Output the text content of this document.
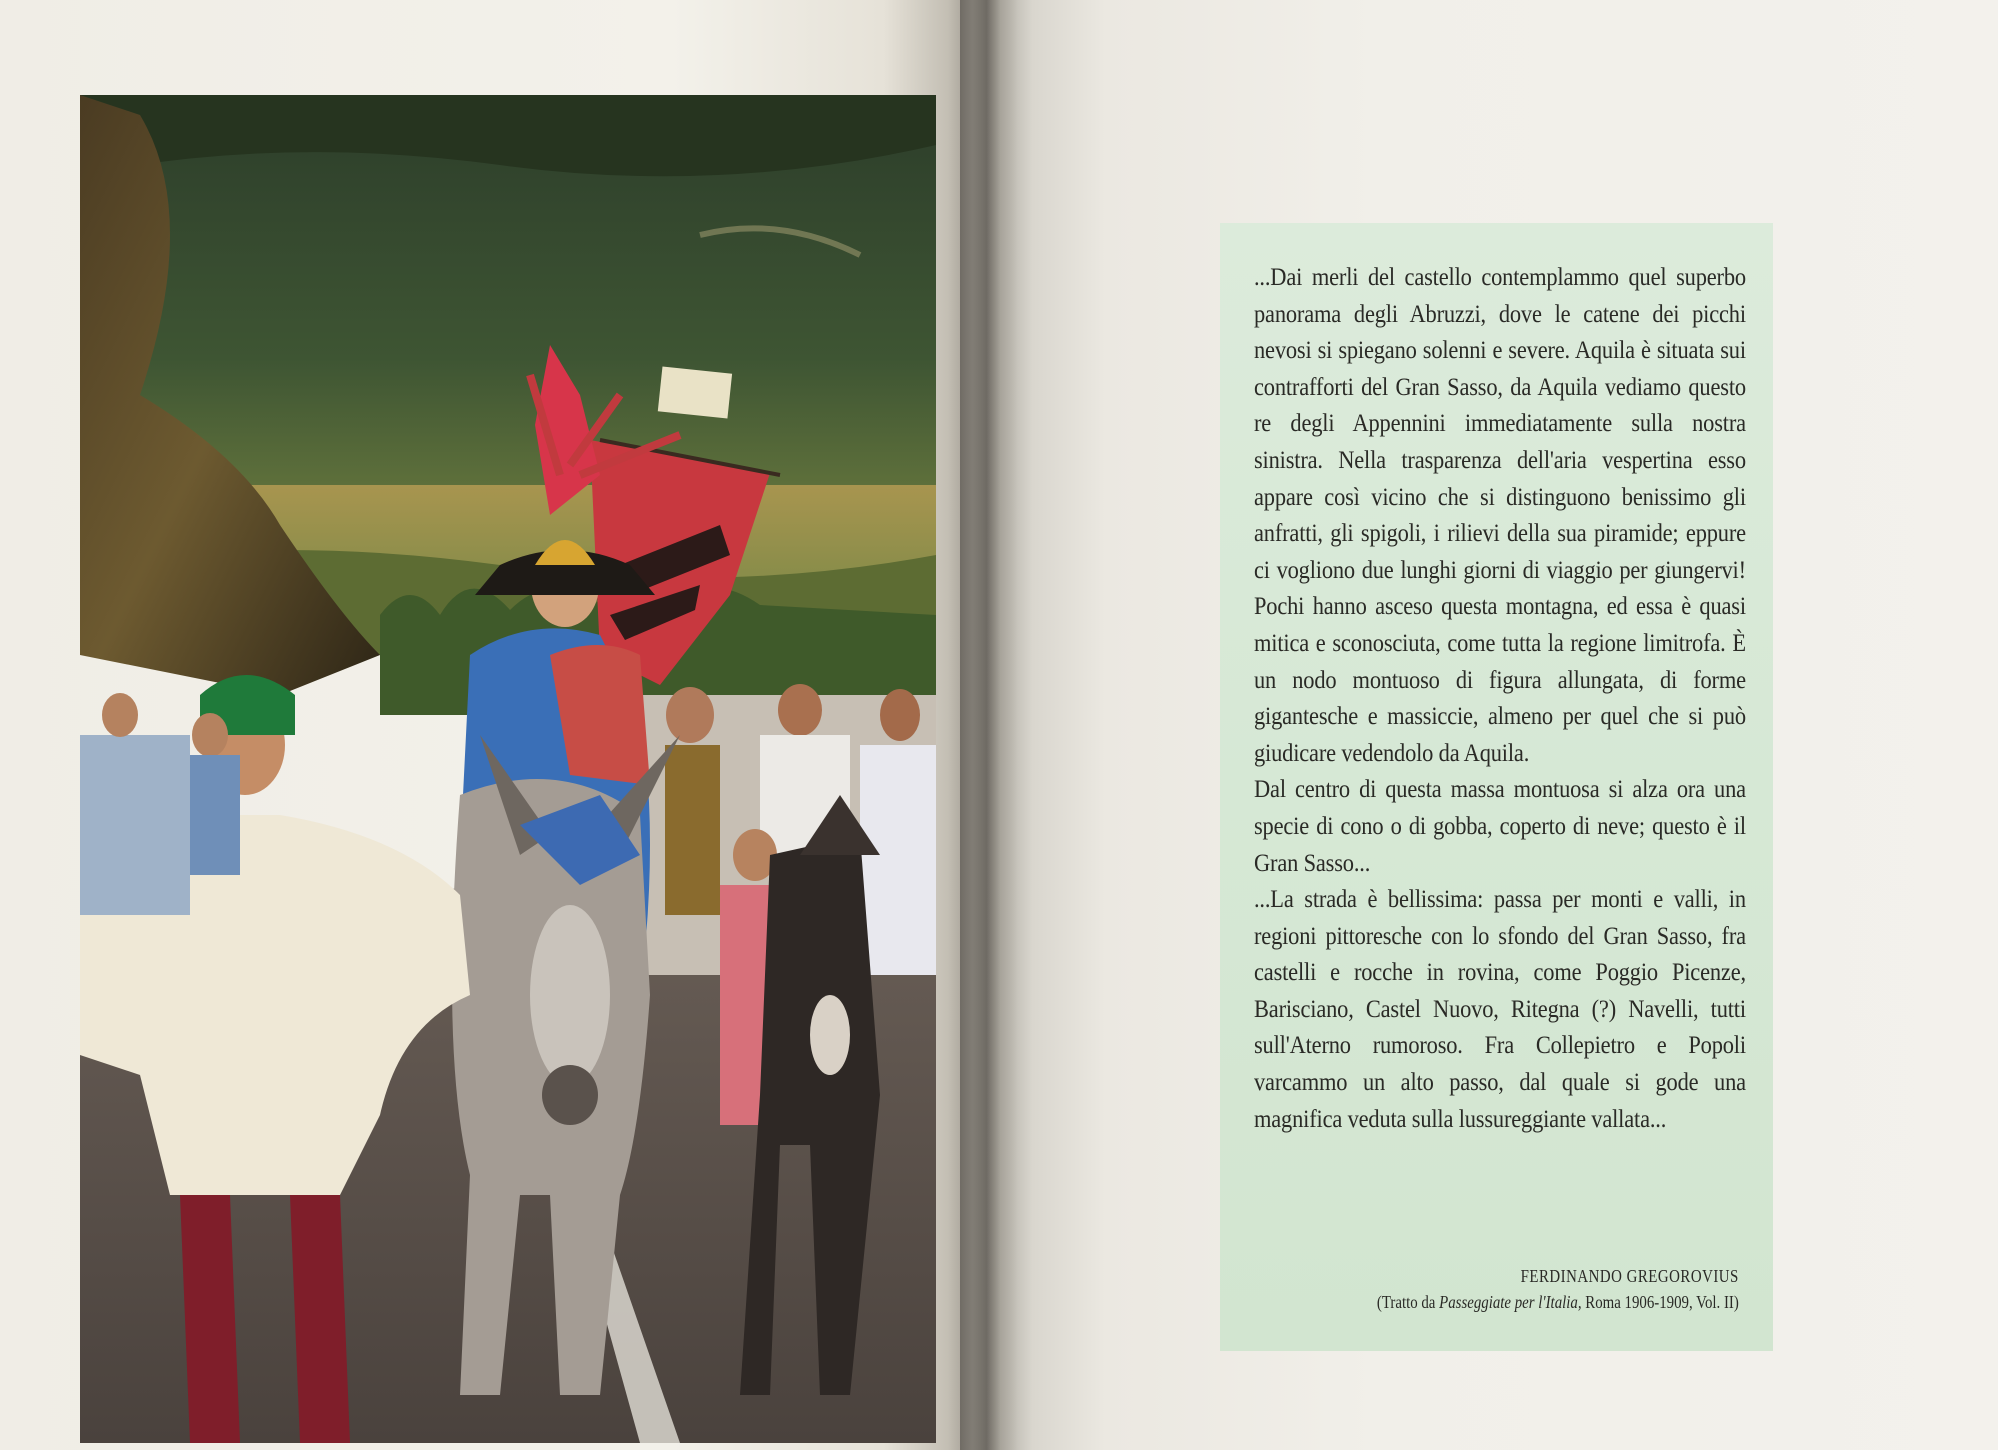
...Dai merli del castello contemplammo quel superbo panorama degli Abruzzi, dove le catene dei picchi nevosi si spiegano solenni e severe. Aquila è situata sui contrafforti del Gran Sasso, da Aquila vediamo questo re degli Appennini immediatamente sulla nostra sinistra. Nella trasparenza dell'aria vespertina esso appare così vicino che si distinguono benissimo gli anfratti, gli spigoli, i rilievi della sua piramide; eppure ci vogliono due lunghi giorni di viaggio per giungervi! Pochi hanno asceso questa montagna, ed essa è quasi mitica e sconosciuta, come tutta la regione limitrofa. È un nodo montuoso di figura allungata, di forme gigantesche e massiccie, almeno per quel che si può giudicare vedendolo da Aquila.

Dal centro di questa massa montuosa si alza ora una specie di cono o di gobba, coperto di neve; questo è il Gran Sasso...

...La strada è bellissima: passa per monti e valli, in regioni pittoresche con lo sfondo del Gran Sasso, fra castelli e rocche in rovina, come Poggio Picenze, Barisciano, Castel Nuovo, Ritegna (?) Navelli, tutti sull'Aterno rumoroso. Fra Collepietro e Popoli varcammo un alto passo, dal quale si gode una magnifica veduta sulla lussureggiante vallata...

FERDINANDO GREGOROVIUS
(Tratto da Passeggiate per l'Italia, Roma 1906-1909, Vol. II)
